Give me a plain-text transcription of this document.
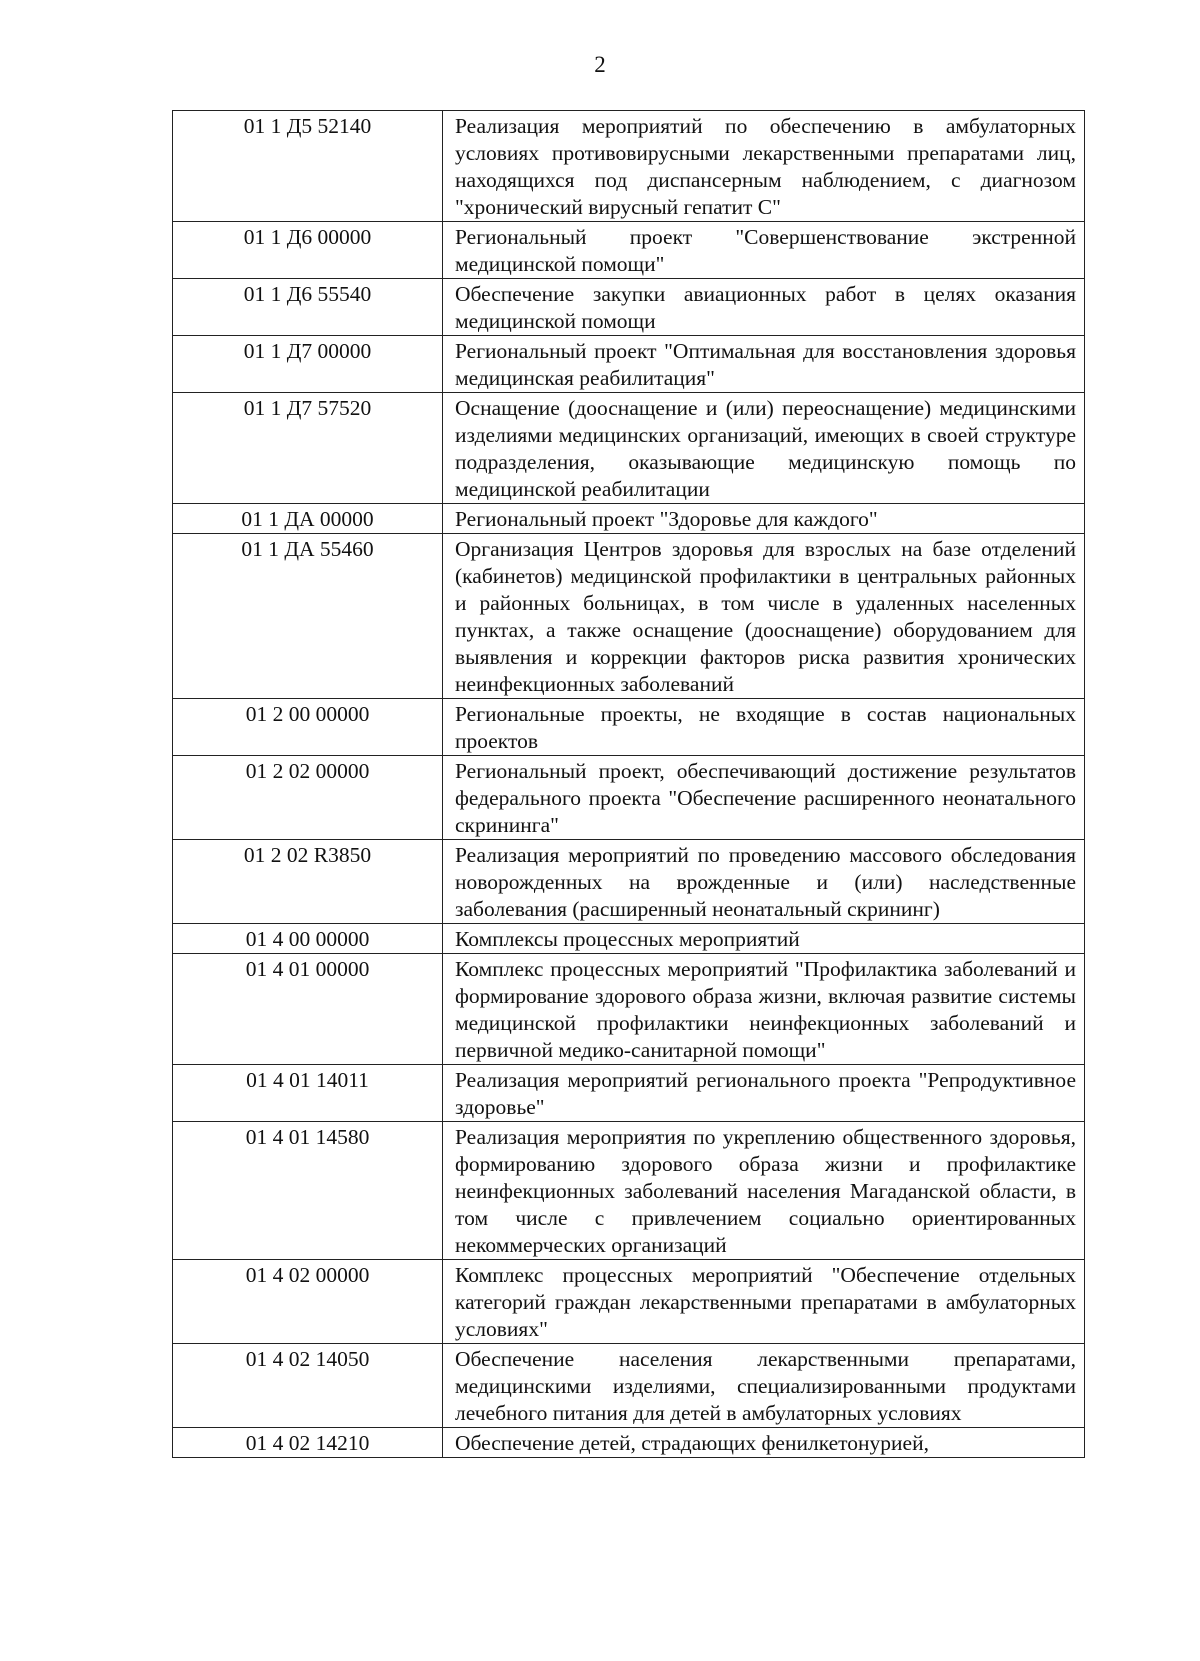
2
01 1 Д5 52140	Реализация мероприятий по обеспечению в амбулаторных условиях противовирусными лекарственными препаратами лиц, находящихся под диспансерным наблюдением, с диагнозом "хронический вирусный гепатит С"
01 1 Д6 00000	Региональный проект "Совершенствование экстренной медицинской помощи"
01 1 Д6 55540	Обеспечение закупки авиационных работ в целях оказания медицинской помощи
01 1 Д7 00000	Региональный проект "Оптимальная для восстановления здоровья медицинская реабилитация"
01 1 Д7 57520	Оснащение (дооснащение и (или) переоснащение) медицинскими изделиями медицинских организаций, имеющих в своей структуре подразделения, оказывающие медицинскую помощь по медицинской реабилитации
01 1 ДА 00000	Региональный проект "Здоровье для каждого"
01 1 ДА 55460	Организация Центров здоровья для взрослых на базе отделений (кабинетов) медицинской профилактики в центральных районных и районных больницах, в том числе в удаленных населенных пунктах, а также оснащение (дооснащение) оборудованием для выявления и коррекции факторов риска развития хронических неинфекционных заболеваний
01 2 00 00000	Региональные проекты, не входящие в состав национальных проектов
01 2 02 00000	Региональный проект, обеспечивающий достижение результатов федерального проекта "Обеспечение расширенного неонатального скрининга"
01 2 02 R3850	Реализация мероприятий по проведению массового обследования новорожденных на врожденные и (или) наследственные заболевания (расширенный неонатальный скрининг)
01 4 00 00000	Комплексы процессных мероприятий
01 4 01 00000	Комплекс процессных мероприятий "Профилактика заболеваний и формирование здорового образа жизни, включая развитие системы медицинской профилактики неинфекционных заболеваний и первичной медико-санитарной помощи"
01 4 01 14011	Реализация мероприятий регионального проекта "Репродуктивное здоровье"
01 4 01 14580	Реализация мероприятия по укреплению общественного здоровья, формированию здорового образа жизни и профилактике неинфекционных заболеваний населения Магаданской области, в том числе с привлечением социально ориентированных некоммерческих организаций
01 4 02 00000	Комплекс процессных мероприятий "Обеспечение отдельных категорий граждан лекарственными препаратами в амбулаторных условиях"
01 4 02 14050	Обеспечение населения лекарственными препаратами, медицинскими изделиями, специализированными продуктами лечебного питания для детей в амбулаторных условиях
01 4 02 14210	Обеспечение детей, страдающих фенилкетонурией,
